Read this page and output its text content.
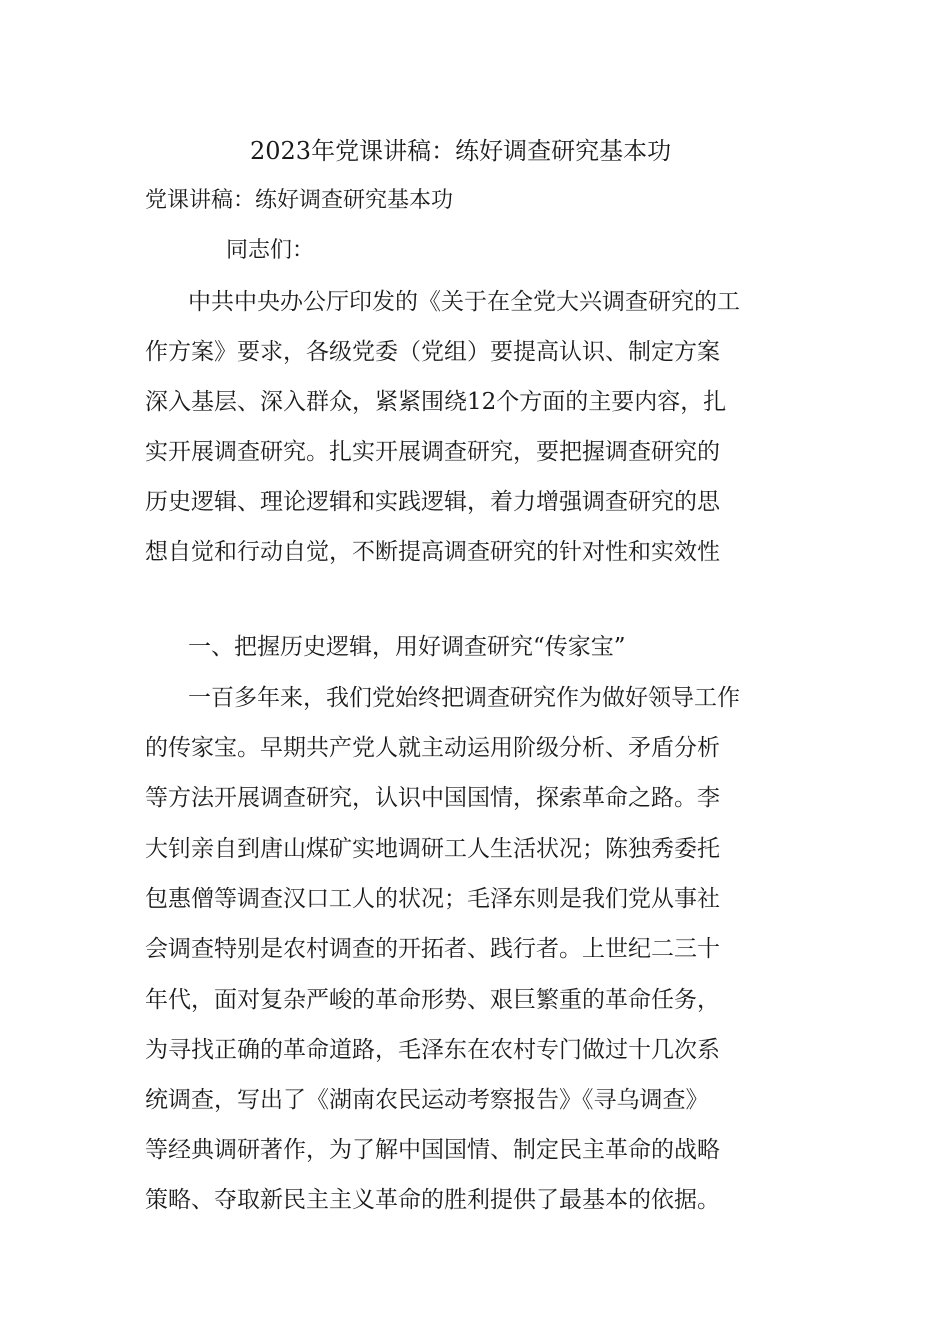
2023年党课讲稿：练好调查研究基本功
党课讲稿：练好调查研究基本功
同志们：
中共中央办公厅印发的《关于在全党大兴调查研究的工
作方案》要求，各级党委（党组）要提高认识、制定方案
深入基层、深入群众，紧紧围绕12个方面的主要内容，扎
实开展调查研究。扎实开展调查研究，要把握调查研究的
历史逻辑、理论逻辑和实践逻辑，着力增强调查研究的思
想自觉和行动自觉，不断提高调查研究的针对性和实效性
一、把握历史逻辑，用好调查研究“传家宝”
一百多年来，我们党始终把调查研究作为做好领导工作
的传家宝。早期共产党人就主动运用阶级分析、矛盾分析
等方法开展调查研究，认识中国国情，探索革命之路。李
大钊亲自到唐山煤矿实地调研工人生活状况；陈独秀委托
包惠僧等调查汉口工人的状况；毛泽东则是我们党从事社
会调查特别是农村调查的开拓者、践行者。上世纪二三十
年代，面对复杂严峻的革命形势、艰巨繁重的革命任务，
为寻找正确的革命道路，毛泽东在农村专门做过十几次系
统调查，写出了《湖南农民运动考察报告》《寻乌调查》
等经典调研著作，为了解中国国情、制定民主革命的战略
策略、夺取新民主主义革命的胜利提供了最基本的依据。
